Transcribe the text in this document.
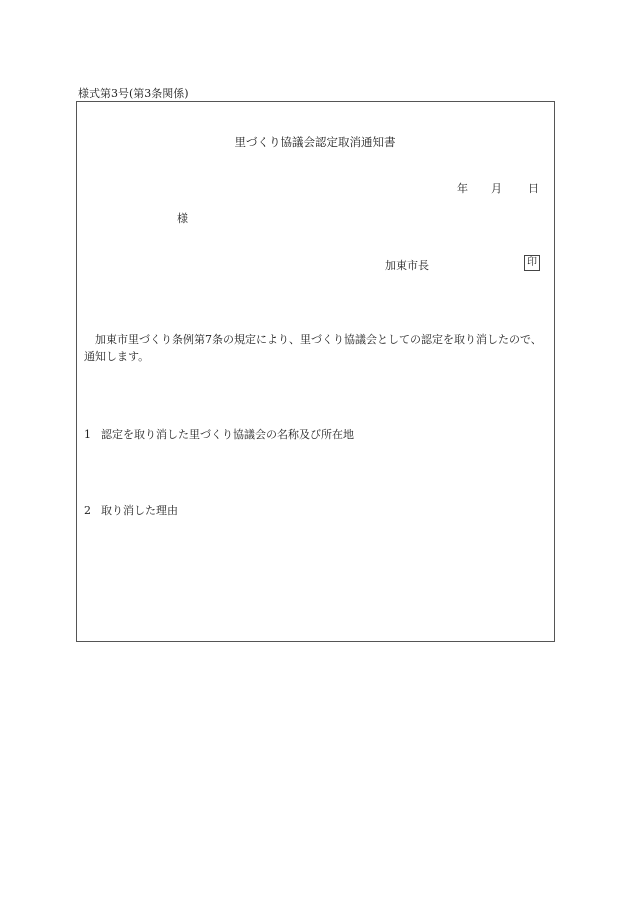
様式第3号(第3条関係)
里づくり協議会認定取消通知書
年 月 日
様
加東市長	印
加東市里づくり条例第7条の規定により、里づくり協議会としての認定を取り消したので、通知します。
1 認定を取り消した里づくり協議会の名称及び所在地
2 取り消した理由
